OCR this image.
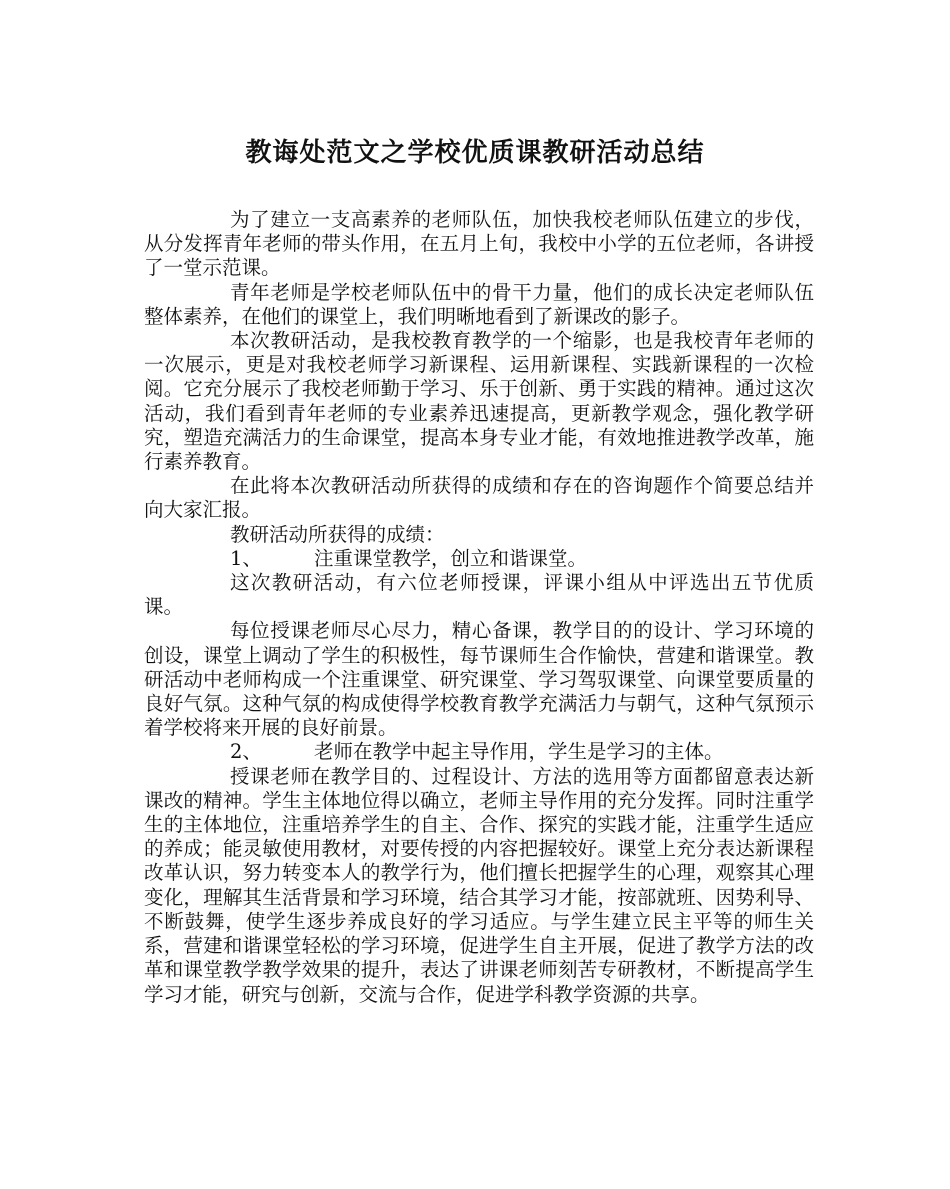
教诲处范文之学校优质课教研活动总结

为了建立一支高素养的老师队伍，加快我校老师队伍建立的步伐，从分发挥青年老师的带头作用，在五月上旬，我校中小学的五位老师，各讲授了一堂示范课。

青年老师是学校老师队伍中的骨干力量，他们的成长决定老师队伍整体素养，在他们的课堂上，我们明晰地看到了新课改的影子。

本次教研活动，是我校教育教学的一个缩影，也是我校青年老师的一次展示，更是对我校老师学习新课程、运用新课程、实践新课程的一次检阅。它充分展示了我校老师勤于学习、乐于创新、勇于实践的精神。通过这次活动，我们看到青年老师的专业素养迅速提高，更新教学观念，强化教学研究，塑造充满活力的生命课堂，提高本身专业才能，有效地推进教学改革，施行素养教育。

在此将本次教研活动所获得的成绩和存在的咨询题作个简要总结并向大家汇报。

教研活动所获得的成绩：

1、	注重课堂教学，创立和谐课堂。

这次教研活动，有六位老师授课，评课小组从中评选出五节优质课。

每位授课老师尽心尽力，精心备课，教学目的的设计、学习环境的创设，课堂上调动了学生的积极性，每节课师生合作愉快，营建和谐课堂。教研活动中老师构成一个注重课堂、研究课堂、学习驾驭课堂、向课堂要质量的良好气氛。这种气氛的构成使得学校教育教学充满活力与朝气，这种气氛预示着学校将来开展的良好前景。

2、	老师在教学中起主导作用，学生是学习的主体。

授课老师在教学目的、过程设计、方法的选用等方面都留意表达新课改的精神。学生主体地位得以确立，老师主导作用的充分发挥。同时注重学生的主体地位，注重培养学生的自主、合作、探究的实践才能，注重学生适应的养成；能灵敏使用教材，对要传授的内容把握较好。课堂上充分表达新课程改革认识，努力转变本人的教学行为，他们擅长把握学生的心理，观察其心理变化，理解其生活背景和学习环境，结合其学习才能，按部就班、因势利导、不断鼓舞，使学生逐步养成良好的学习适应。与学生建立民主平等的师生关系，营建和谐课堂轻松的学习环境，促进学生自主开展，促进了教学方法的改革和课堂教学教学效果的提升，表达了讲课老师刻苦专研教材，不断提高学生学习才能，研究与创新，交流与合作，促进学科教学资源的共享。
